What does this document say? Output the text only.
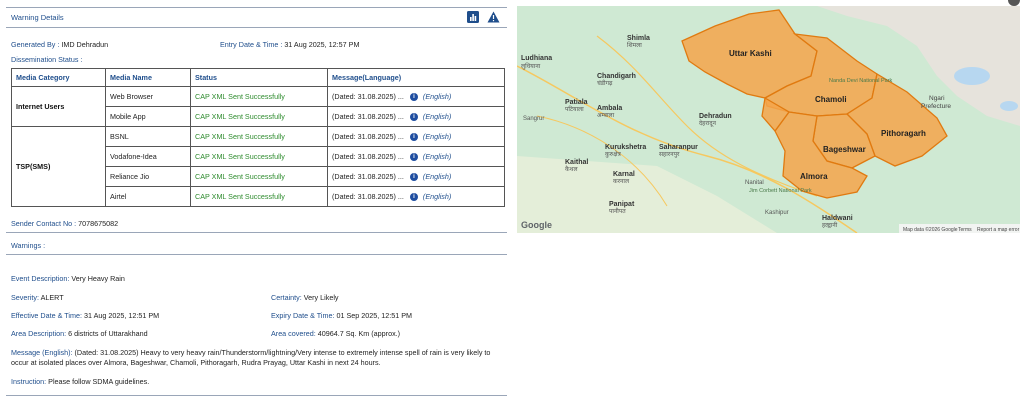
Warning Details
Generated By : IMD Dehradun	Entry Date & Time : 31 Aug 2025, 12:57 PM
Dissemination Status :
Media Category	Media Name	Status	Message(Language)
Internet Users	Web Browser	CAP XML Sent Successfully	(Dated: 31.08.2025) ... i (English)
	Mobile App	CAP XML Sent Successfully	(Dated: 31.08.2025) ... i (English)
TSP(SMS)	BSNL	CAP XML Sent Successfully	(Dated: 31.08.2025) ... i (English)
	Vodafone-Idea	CAP XML Sent Successfully	(Dated: 31.08.2025) ... i (English)
	Reliance Jio	CAP XML Sent Successfully	(Dated: 31.08.2025) ... i (English)
	Airtel	CAP XML Sent Successfully	(Dated: 31.08.2025) ... i (English)
Sender Contact No : 7078675082
Warnings :
Event Description: Very Heavy Rain
Severity: ALERT	Certainty: Very Likely
Effective Date & Time: 31 Aug 2025, 12:51 PM	Expiry Date & Time: 01 Sep 2025, 12:51 PM
Area Description: 6 districts of Uttarakhand	Area covered: 40964.7 Sq. Km (approx.)
Message (English): (Dated: 31.08.2025) Heavy to very heavy rain/Thunderstorm/lightning/Very intense to extremely intense spell of rain is very likely to occur at isolated places over Almora, Bageshwar, Chamoli, Pithoragarh, Rudra Prayag, Uttar Kashi in next 24 hours.
Instruction: Please follow SDMA guidelines.
Uttar Kashi
Chamoli
Pithoragarh
Bageshwar
Almora
Ludhiana
लुधियाना
Shimla
शिमला
Chandigarh
चंडीगढ़
Patiala
पटियाला Ambala
अम्बाला	Dehradun
देहरादून
Kurukshetra
कुरुक्षेत्र
Saharanpur
सहारनपुर
Kaithal
कैथल
Karnal
करनाल
Panipat
पानीपत
Haldwani
हल्द्वानी
Ngari
Prefecture
Sangrur
Nanital
Jim Corbett National Park
Kashipur
Nanda Devi National Park
Google	Map data ©2026 Google Terms Report a map error
